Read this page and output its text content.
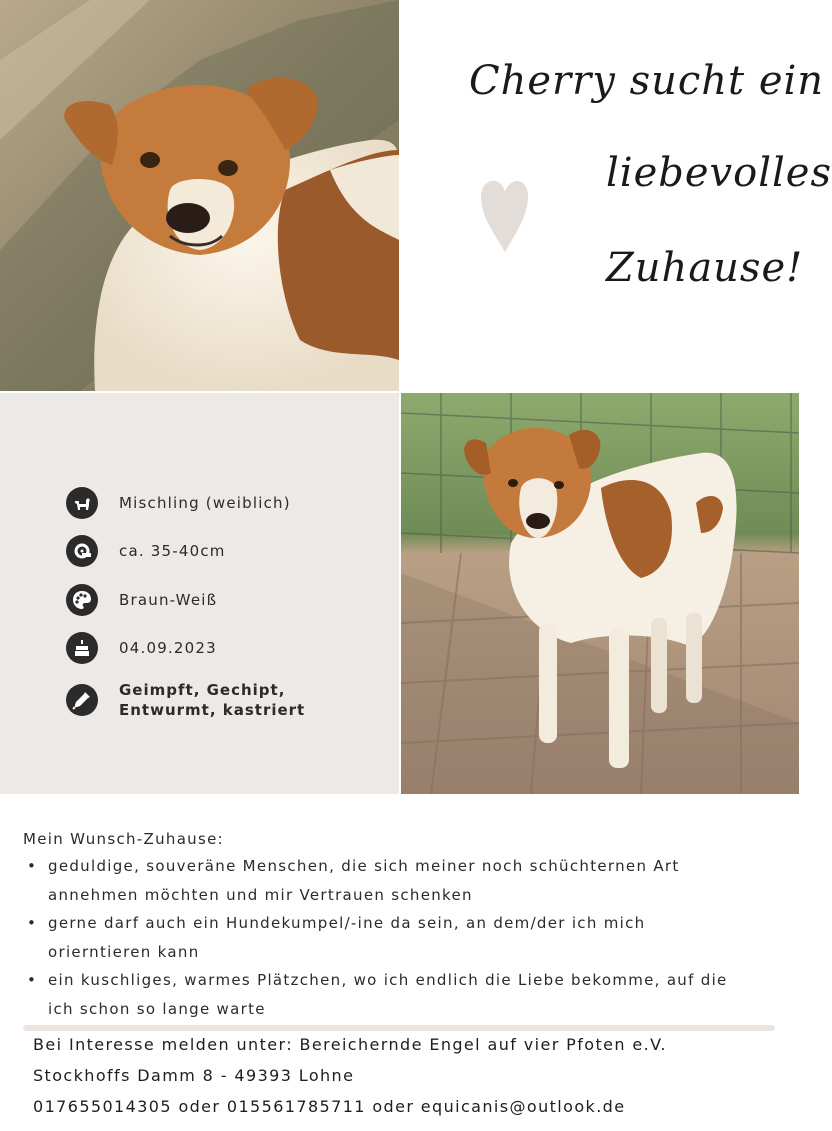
Cherry sucht ein
liebevolles
Zuhause!
Mischling (weiblich)
ca. 35-40cm
Braun-Weiß
04.09.2023
Geimpft, Gechipt,
Entwurmt, kastriert

Mein Wunsch-Zuhause:

• geduldige, souveräne Menschen, die sich meiner noch schüchternen Art
annehmen möchten und mir Vertrauen schenken
• gerne darf auch ein Hundekumpel/-ine da sein, an dem/der ich mich
orierntieren kann
• ein kuschliges, warmes Plätzchen, wo ich endlich die Liebe bekomme, auf die
ich schon so lange warte
Bei Interesse melden unter: Bereichernde Engel auf vier Pfoten e.V.
Stockhoffs Damm 8 - 49393 Lohne
017655014305 oder 015561785711 oder equicanis@outlook.de
